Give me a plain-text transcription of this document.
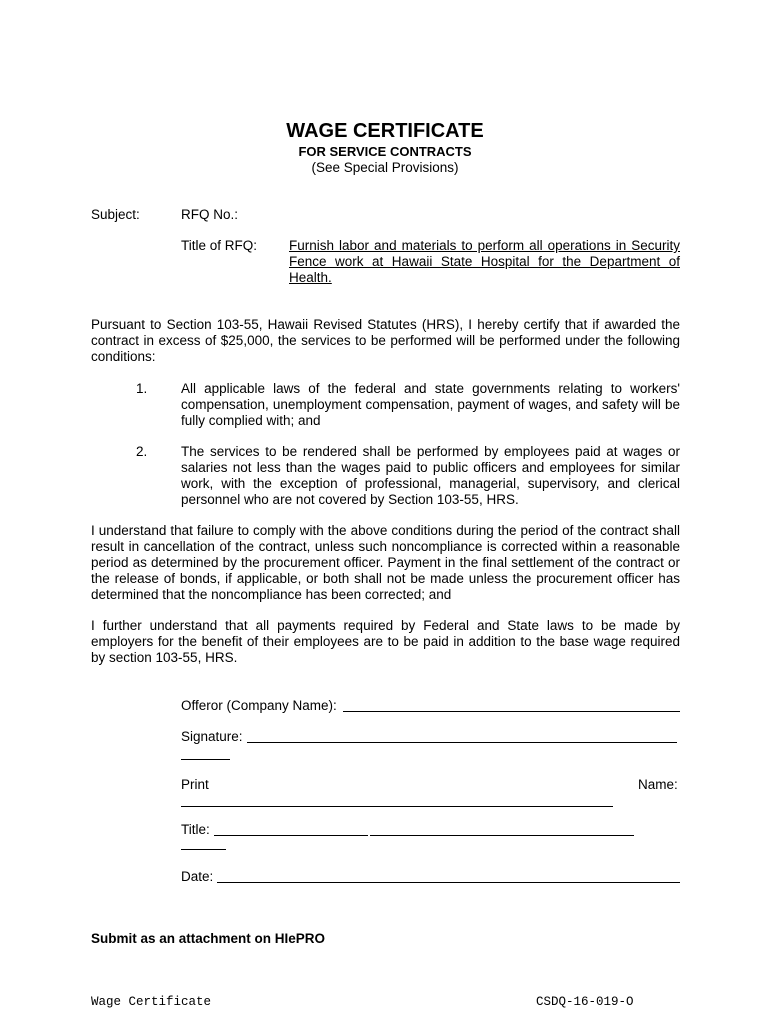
WAGE CERTIFICATE
FOR SERVICE CONTRACTS
(See Special Provisions)
Subject:	RFQ No.:
Title of RFQ: Furnish labor and materials to perform all operations in Security Fence work at Hawaii State Hospital for the Department of Health.
Pursuant to Section 103-55, Hawaii Revised Statutes (HRS), I hereby certify that if awarded the contract in excess of $25,000, the services to be performed will be performed under the following conditions:
1. All applicable laws of the federal and state governments relating to workers' compensation, unemployment compensation, payment of wages, and safety will be fully complied with; and
2. The services to be rendered shall be performed by employees paid at wages or salaries not less than the wages paid to public officers and employees for similar work, with the exception of professional, managerial, supervisory, and clerical personnel who are not covered by Section 103-55, HRS.
I understand that failure to comply with the above conditions during the period of the contract shall result in cancellation of the contract, unless such noncompliance is corrected within a reasonable period as determined by the procurement officer. Payment in the final settlement of the contract or the release of bonds, if applicable, or both shall not be made unless the procurement officer has determined that the noncompliance has been corrected; and
I further understand that all payments required by Federal and State laws to be made by employers for the benefit of their employees are to be paid in addition to the base wage required by section 103-55, HRS.
Offeror (Company Name):
Signature:
Print	Name:
Title:
Date:
Submit as an attachment on HIePRO
Wage Certificate	CSDQ-16-019-O
